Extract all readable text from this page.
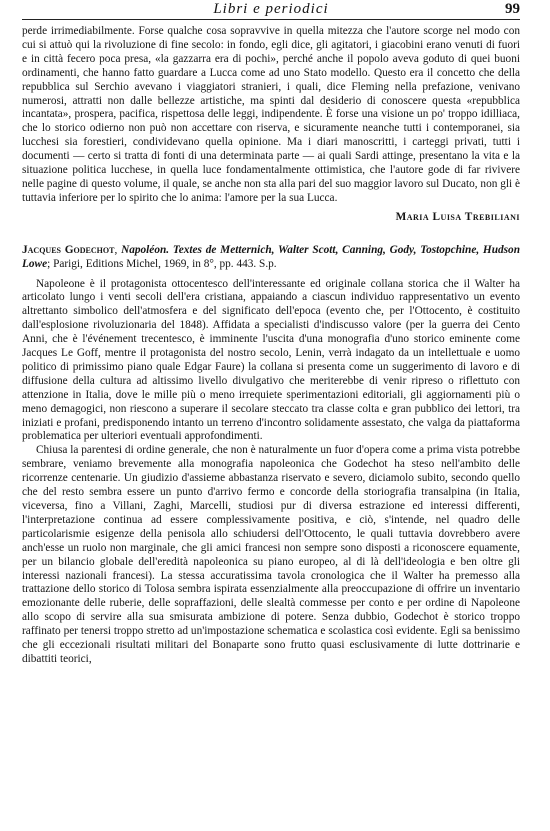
Libri e periodici	99

perde irrimediabilmente. Forse qualche cosa sopravvive in quella mitezza che l'autore scorge nel modo con cui si attuò qui la rivoluzione di fine secolo: in fondo, egli dice, gli agitatori, i giacobini erano venuti di fuori e in città fecero poca presa, «la gazzarra era di pochi», perché anche il popolo aveva goduto di quei buoni ordinamenti, che hanno fatto guardare a Lucca come ad uno Stato modello. Questo era il concetto che della repubblica sul Serchio avevano i viaggiatori stranieri, i quali, dice Fleming nella prefazione, venivano numerosi, attratti non dalle bellezze artistiche, ma spinti dal desiderio di conoscere questa «repubblica incantata», prospera, pacifica, rispettosa delle leggi, indipendente. È forse una visione un po' troppo idilliaca, che lo storico odierno non può non accettare con riserva, e sicuramente neanche tutti i contemporanei, sia lucchesi sia forestieri, condividevano quella opinione. Ma i diari manoscritti, i carteggi privati, tutti i documenti — certo si tratta di fonti di una determinata parte — ai quali Sardi attinge, presentano la vita e la situazione politica lucchese, in quella luce fondamentalmente ottimistica, che l'autore gode di far rivivere nelle pagine di questo volume, il quale, se anche non sta alla pari del suo maggior lavoro sul Ducato, non gli è tuttavia inferiore per lo spirito che lo anima: l'amore per la sua Lucca.

Maria Luisa Trebiliani

Jacques Godechot, Napoléon. Textes de Metternich, Walter Scott, Canning, Gody, Tostopchine, Hudson Lowe; Parigi, Editions Michel, 1969, in 8°, pp. 443. S.p.

Napoleone è il protagonista ottocentesco dell'interessante ed originale collana storica che il Walter ha articolato lungo i venti secoli dell'era cristiana, appaiando a ciascun individuo rappresentativo un evento altrettanto simbolico dell'atmosfera e del significato dell'epoca (evento che, per l'Ottocento, è costituito dall'esplosione rivoluzionaria del 1848). Affidata a specialisti d'indiscusso valore (per la guerra dei Cento Anni, che è l'événement trecentesco, è imminente l'uscita d'una monografia d'uno storico eminente come Jacques Le Goff, mentre il protagonista del nostro secolo, Lenin, verrà indagato da un intellettuale e uomo politico di primissimo piano quale Edgar Faure) la collana si presenta come un suggerimento di lavoro e di diffusione della cultura ad altissimo livello divulgativo che meriterebbe di venir ripreso o riflettuto con attenzione in Italia, dove le mille più o meno irrequiete sperimentazioni editoriali, gli aggiornamenti più o meno demagogici, non riescono a superare il secolare steccato tra classe colta e gran pubblico dei lettori, tra iniziati e profani, predisponendo intanto un terreno d'incontro solidamente assestato, che valga da piattaforma problematica per ulteriori eventuali approfondimenti.

Chiusa la parentesi di ordine generale, che non è naturalmente un fuor d'opera come a prima vista potrebbe sembrare, veniamo brevemente alla monografia napoleonica che Godechot ha steso nell'ambito delle ricorrenze centenarie. Un giudizio d'assieme abbastanza riservato e severo, diciamolo subito, secondo quello che del resto sembra essere un punto d'arrivo fermo e concorde della storiografia transalpina (in Italia, viceversa, fino a Villani, Zaghi, Marcelli, studiosi pur di diversa estrazione ed interessi differenti, l'interpretazione continua ad essere complessivamente positiva, e ciò, s'intende, nel quadro delle particolarismie esigenze della penisola allo schiudersi dell'Ottocento, le quali tuttavia dovrebbero avere anch'esse un ruolo non marginale, che gli amici francesi non sempre sono disposti a riconoscere equamente, per un bilancio globale dell'eredità napoleonica su piano europeo, al di là dell'ideologia e ben oltre gli interessi nazionali francesi). La stessa accuratissima tavola cronologica che il Walter ha premesso alla trattazione dello storico di Tolosa sembra ispirata essenzialmente alla preoccupazione di offrire un inventario emozionante delle ruberie, delle sopraffazioni, delle slealtà commesse per conto e per ordine di Napoleone allo scopo di servire alla sua smisurata ambizione di potere. Senza dubbio, Godechot è storico troppo raffinato per tenersi troppo stretto ad un'impostazione schematica e scolastica così evidente. Egli sa benissimo che gli eccezionali risultati militari del Bonaparte sono frutto quasi esclusivamente di lutte dottrinarie e dibattiti teorici,
